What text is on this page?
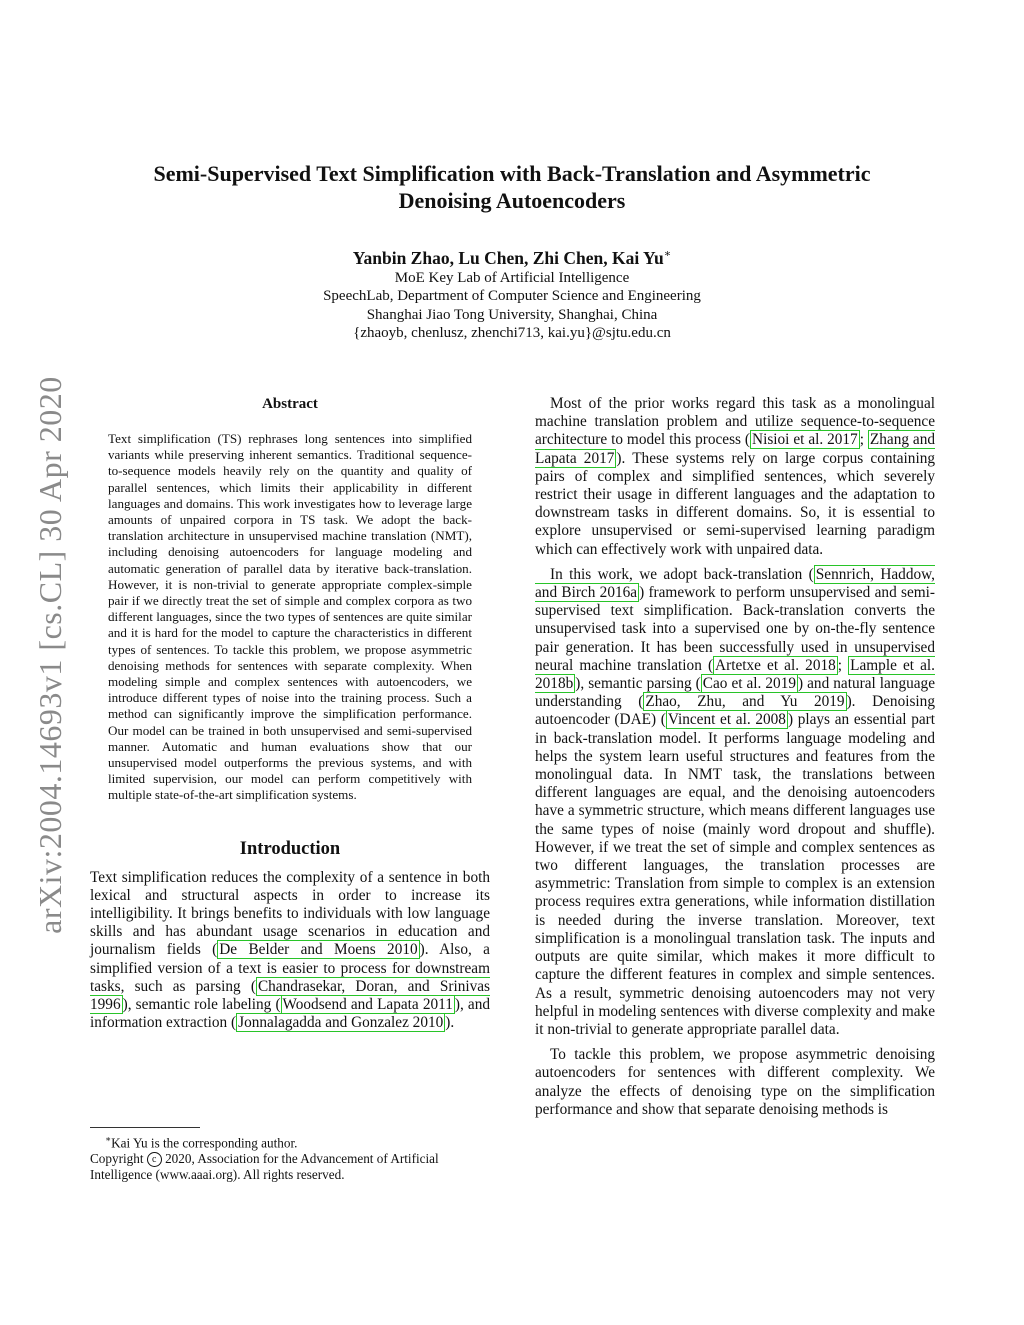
arXiv:2004.14693v1 [cs.CL] 30 Apr 2020
Semi-Supervised Text Simplification with Back-Translation and Asymmetric
Denoising Autoencoders
Yanbin Zhao, Lu Chen, Zhi Chen, Kai Yu∗
MoE Key Lab of Artificial Intelligence
SpeechLab, Department of Computer Science and Engineering
Shanghai Jiao Tong University, Shanghai, China
{zhaoyb, chenlusz, zhenchi713, kai.yu}@sjtu.edu.cn
Abstract
Text simplification (TS) rephrases long sentences into simplified variants while preserving inherent semantics. Traditional sequence-to-sequence models heavily rely on the quantity and quality of parallel sentences, which limits their applicability in different languages and domains. This work investigates how to leverage large amounts of unpaired corpora in TS task. We adopt the back-translation architecture in unsupervised machine translation (NMT), including denoising autoencoders for language modeling and automatic generation of parallel data by iterative back-translation. However, it is non-trivial to generate appropriate complex-simple pair if we directly treat the set of simple and complex corpora as two different languages, since the two types of sentences are quite similar and it is hard for the model to capture the characteristics in different types of sentences. To tackle this problem, we propose asymmetric denoising methods for sentences with separate complexity. When modeling simple and complex sentences with autoencoders, we introduce different types of noise into the training process. Such a method can significantly improve the simplification performance. Our model can be trained in both unsupervised and semi-supervised manner. Automatic and human evaluations show that our unsupervised model outperforms the previous systems, and with limited supervision, our model can perform competitively with multiple state-of-the-art simplification systems.
Introduction

Text simplification reduces the complexity of a sentence in both lexical and structural aspects in order to increase its intelligibility. It brings benefits to individuals with low language skills and has abundant usage scenarios in education and journalism fields ( De Belder and Moens 2010 ). Also, a simplified version of a text is easier to process for downstream tasks, such as parsing ( Chandrasekar, Doran, and Srinivas 1996 ), semantic role labeling ( Woodsend and Lapata 2011 ), and information extraction ( Jonnalagadda and Gonzalez 2010 ).

∗Kai Yu is the corresponding author.

Copyright c 2020, Association for the Advancement of Artificial Intelligence (www.aaai.org). All rights reserved.

Most of the prior works regard this task as a monolingual machine translation problem and utilize sequence-to-sequence architecture to model this process ( Nisioi et al. 2017 ; Zhang and Lapata 2017 ). These systems rely on large corpus containing pairs of complex and simplified sentences, which severely restrict their usage in different languages and the adaptation to downstream tasks in different domains. So, it is essential to explore unsupervised or semi-supervised learning paradigm which can effectively work with unpaired data.

In this work, we adopt back-translation ( Sennrich, Haddow, and Birch 2016a ) framework to perform unsupervised and semi-supervised text simplification. Back-translation converts the unsupervised task into a supervised one by on-the-fly sentence pair generation. It has been successfully used in unsupervised neural machine translation ( Artetxe et al. 2018 ; Lample et al. 2018b ), semantic parsing ( Cao et al. 2019 ) and natural language understanding ( Zhao, Zhu, and Yu 2019 ). Denoising autoencoder (DAE) ( Vincent et al. 2008 ) plays an essential part in back-translation model. It performs language modeling and helps the system learn useful structures and features from the monolingual data. In NMT task, the translations between different languages are equal, and the denoising autoencoders have a symmetric structure, which means different languages use the same types of noise (mainly word dropout and shuffle). However, if we treat the set of simple and complex sentences as two different languages, the translation processes are asymmetric: Translation from simple to complex is an extension process requires extra generations, while information distillation is needed during the inverse translation. Moreover, text simplification is a monolingual translation task. The inputs and outputs are quite similar, which makes it more difficult to capture the different features in complex and simple sentences. As a result, symmetric denoising autoencoders may not very helpful in modeling sentences with diverse complexity and make it non-trivial to generate appropriate parallel data.

To tackle this problem, we propose asymmetric denoising autoencoders for sentences with different complexity. We analyze the effects of denoising type on the simplification performance and show that separate denoising methods is
